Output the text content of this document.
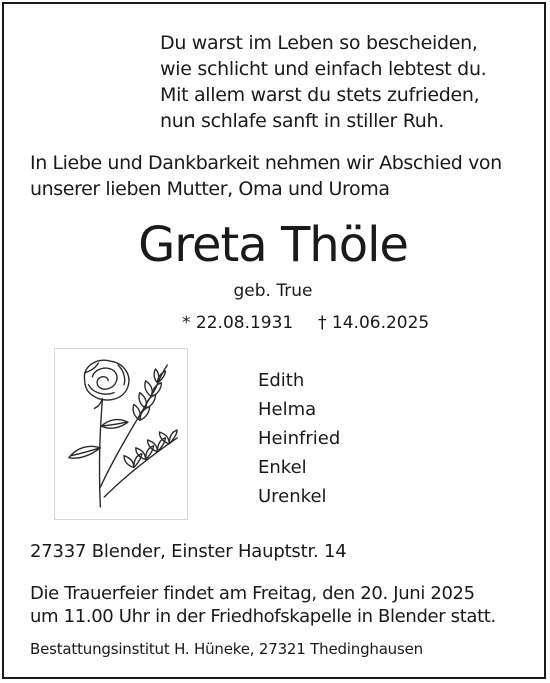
Du warst im Leben so bescheiden,
wie schlicht und einfach lebtest du.
Mit allem warst du stets zufrieden,
nun schlafe sanft in stiller Ruh.
In Liebe und Dankbarkeit nehmen wir Abschied von
unserer lieben Mutter, Oma und Uroma
Greta Thöle
geb. True
* 22.08.1931 † 14.06.2025
Edith
Helma
Heinfried
Enkel
Urenkel
27337 Blender, Einster Hauptstr. 14
Die Trauerfeier findet am Freitag, den 20. Juni 2025
um 11.00 Uhr in der Friedhofskapelle in Blender statt.
Bestattungsinstitut H. Hüneke, 27321 Thedinghausen
